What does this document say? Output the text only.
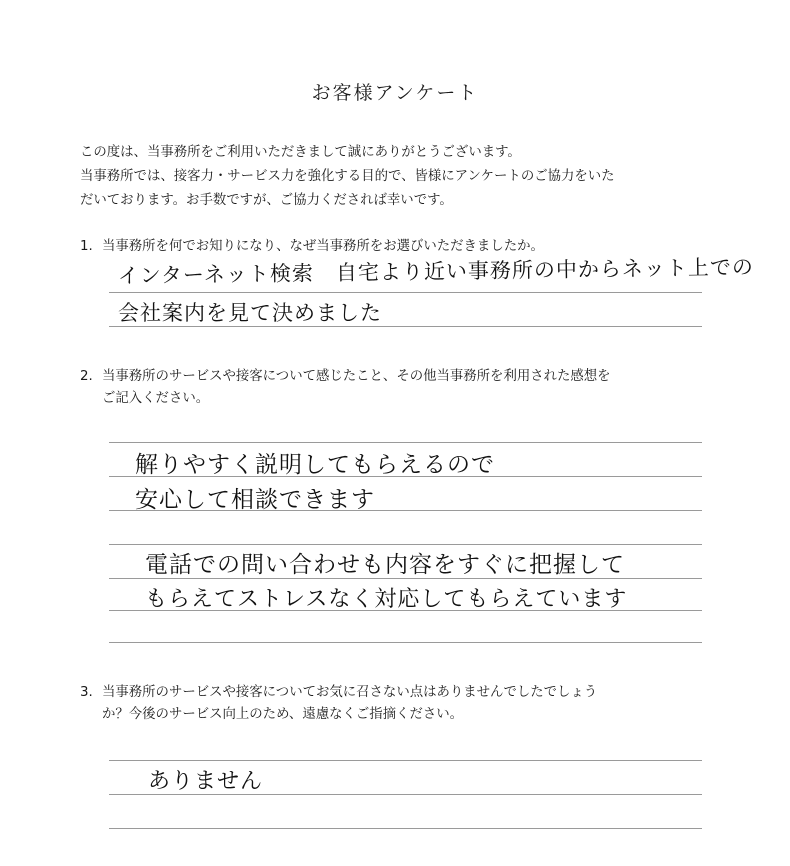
お客様アンケート
この度は、当事務所をご利用いただきまして誠にありがとうございます。
当事務所では、接客力・サービス力を強化する目的で、皆様にアンケートのご協力をいた
だいております。お手数ですが、ご協力くだされば幸いです。
1. 当事務所を何でお知りになり、なぜ当事務所をお選びいただきましたか。
インターネット検索　自宅より近い事務所の中からネット上での
会社案内を見て決めました
2. 当事務所のサービスや接客について感じたこと、その他当事務所を利用された感想を
ご記入ください。
解りやすく説明してもらえるので
安心して相談できます
電話での問い合わせも内容をすぐに把握して
もらえてストレスなく対応してもらえています
3. 当事務所のサービスや接客についてお気に召さない点はありませんでしたでしょう
か？今後のサービス向上のため、遠慮なくご指摘ください。
ありません
